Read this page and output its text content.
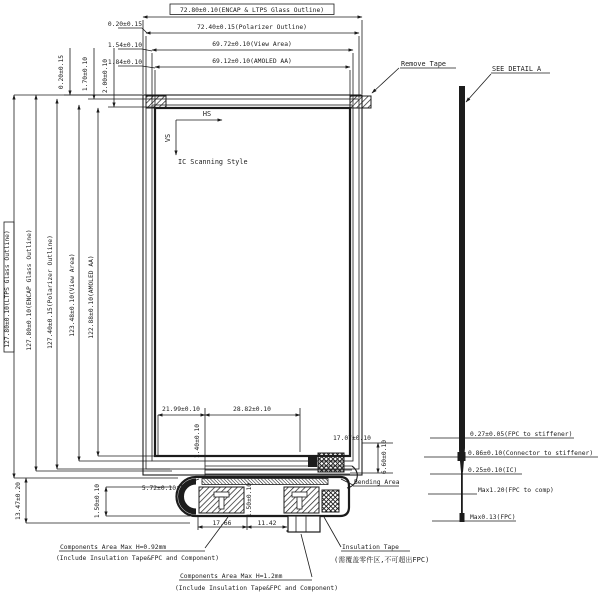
72.80±0.10(ENCAP & LTPS Glass Outline)
72.40±0.15(Polarizer Outline)
69.72±0.10(View Area)
69.12±0.10(AMOLED AA)
0.20±0.15
1.54±0.10
1.84±0.10
0.20±0.15	1.70±0.10 2.00±0.10
127.80±0.10(LTPS Glass Outline) 127.80±0.10(ENCAP Glass Outline) 127.40±0.15(Polarizer Outline) 123.48±0.10(View Area) 122.88±0.10(AMOLED AA)
13.47±0.20	1.50±0.10
HS
VS
IC Scanning Style
21.99±0.10	28.82±0.10
1.40±0.10	17.07±0.10
6.60±0.10
Bending Area
1.50±0.10
17.66	11.42
5.72±0.10
Components Area Max H=0.92mm
(Include Insulation Tape&FPC and Component)
Components Area Max H=1.2mm
(Include Insulation Tape&FPC and Component)
Insulation Tape
(需覆盖零件区,不可超出FPC)
Remove Tape
SEE DETAIL A
0.27±0.05(FPC to stiffener)
0.86±0.10(Connector to stiffener)
0.25±0.10(IC)
Max1.20(FPC to comp)
Max0.13(FPC)
